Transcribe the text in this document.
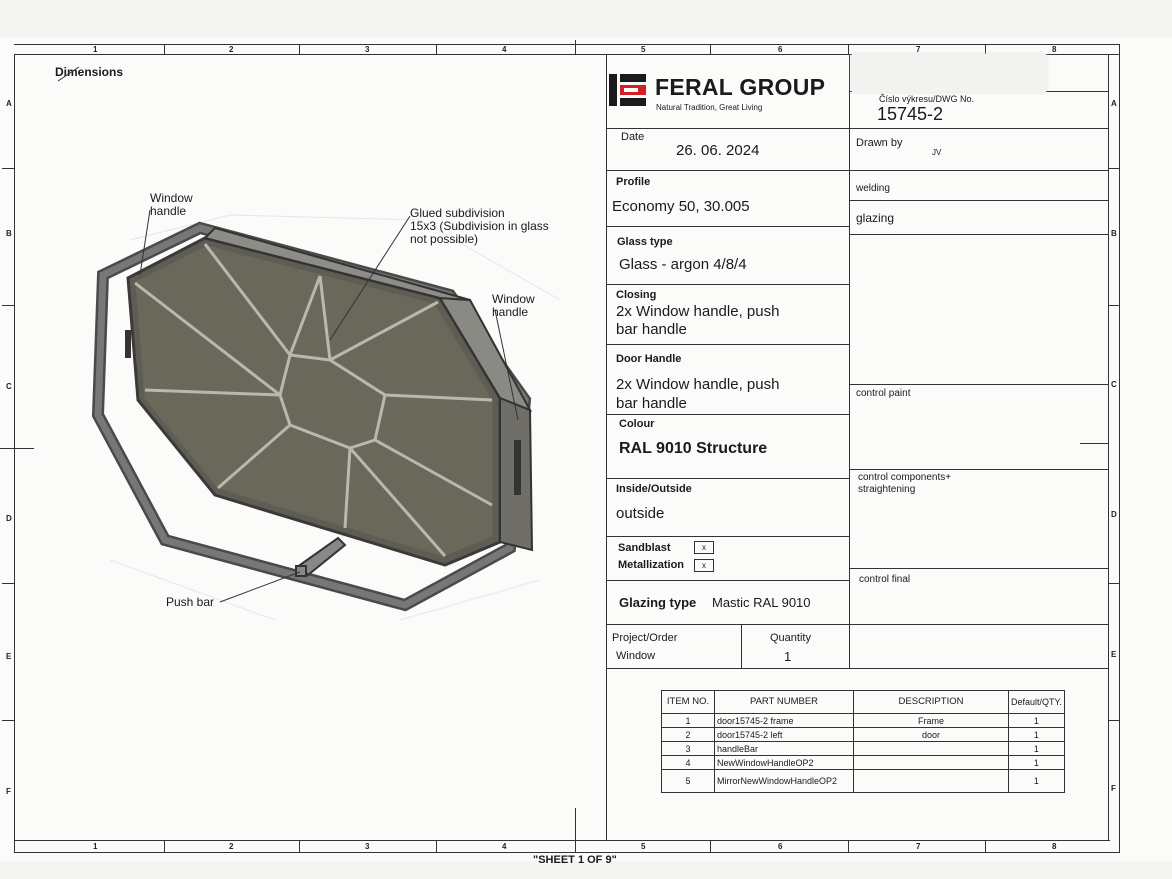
1	2	3	4	5	6	7	8
1	2	3	4	5	6	7	8
A
B
C
D
E
F
A
B
C
D
E
F
Dimensions
Window
handle	Glued subdivision
15x3 (Subdivision in glass
not possible)
Window
handle
Push bar
FERAL GROUP
Natural Tradition, Great Living
Číslo výkresu/DWG No.
15745-2
Date
26. 06. 2024	Drawn by
JV
Profile
Economy 50, 30.005
welding
glazing
Glass type
Glass - argon 4/8/4
Closing
2x Window handle, push
bar handle
Door Handle
2x Window handle, push
bar handle
control paint
Colour
RAL 9010 Structure
control components+ straightening
Inside/Outside
outside
Sandblast	x
Metallization	x
control final
Glazing type Mastic RAL 9010
Project/Order
Window
Quantity
1
ITEM NO.	PART NUMBER	DESCRIPTION	Default/QTY.
1	door15745-2 frame	Frame	1
2	door15745-2 left	door	1
3	handleBar		1
4	NewWindowHandleOP2		1
5	MirrorNewWindowHandleOP2		1
"SHEET 1 OF 9"
